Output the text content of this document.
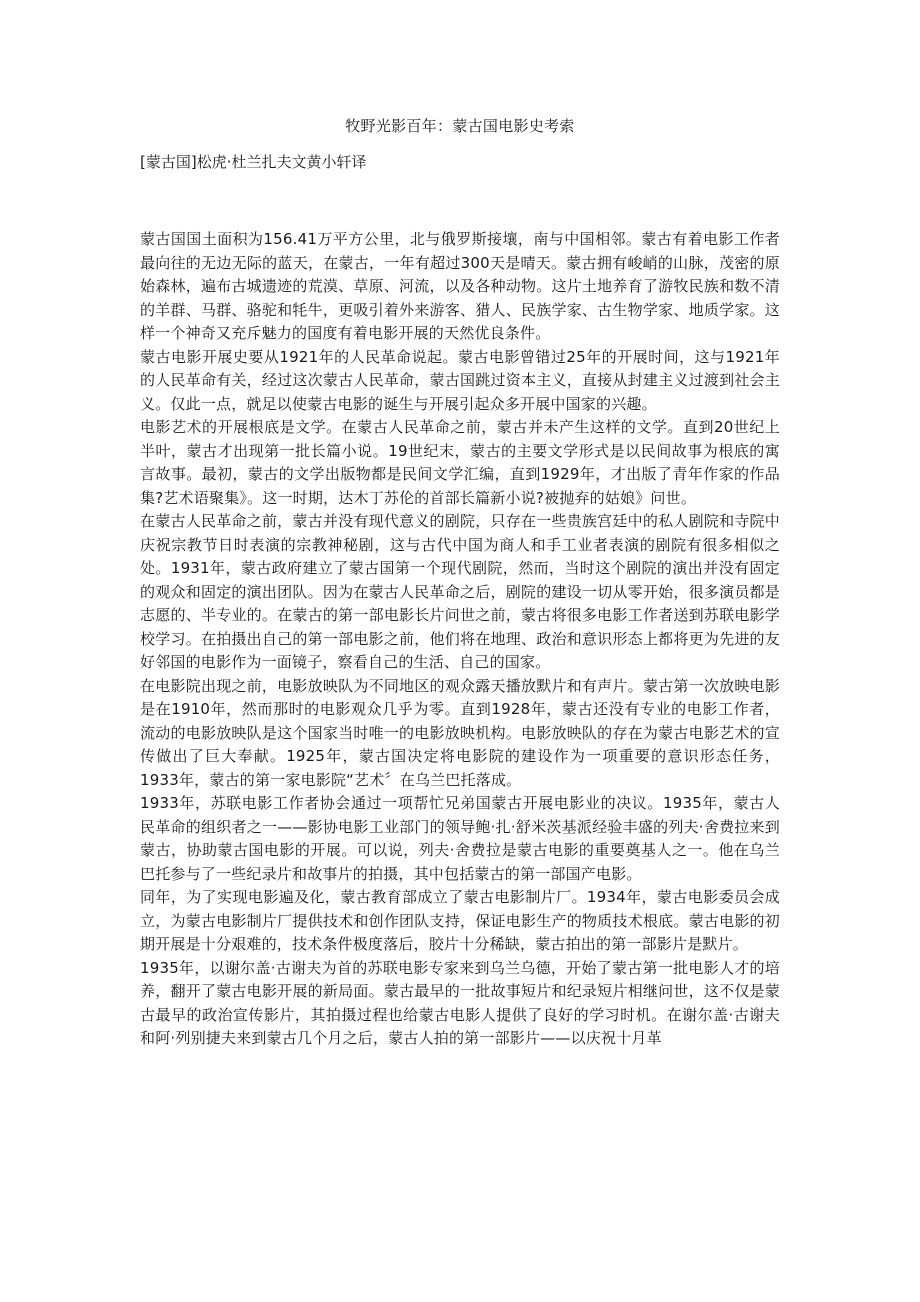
牧野光影百年：蒙古国电影史考索
[蒙古国]松虎·杜兰扎夫文黄小轩译

蒙古国国土面积为156.41万平方公里，北与俄罗斯接壤，南与中国相邻。蒙古有着电影工作者最向往的无边无际的蓝天，在蒙古，一年有超过300天是晴天。蒙古拥有峻峭的山脉，茂密的原始森林，遍布古城遗迹的荒漠、草原、河流，以及各种动物。这片土地养育了游牧民族和数不清的羊群、马群、骆驼和牦牛，更吸引着外来游客、猎人、民族学家、古生物学家、地质学家。这样一个神奇又充斥魅力的国度有着电影开展的天然优良条件。

蒙古电影开展史要从1921年的人民革命说起。蒙古电影曾错过25年的开展时间，这与1921年的人民革命有关，经过这次蒙古人民革命，蒙古国跳过资本主义，直接从封建主义过渡到社会主义。仅此一点，就足以使蒙古电影的诞生与开展引起众多开展中国家的兴趣。

电影艺术的开展根底是文学。在蒙古人民革命之前，蒙古并未产生这样的文学。直到20世纪上半叶，蒙古才出现第一批长篇小说。19世纪末，蒙古的主要文学形式是以民间故事为根底的寓言故事。最初，蒙古的文学出版物都是民间文学汇编，直到1929年，才出版了青年作家的作品集?艺术语聚集》。这一时期，达木丁苏伦的首部长篇新小说?被抛弃的姑娘》问世。

在蒙古人民革命之前，蒙古并没有现代意义的剧院，只存在一些贵族宫廷中的私人剧院和寺院中庆祝宗教节日时表演的宗教神秘剧，这与古代中国为商人和手工业者表演的剧院有很多相似之处。1931年，蒙古政府建立了蒙古国第一个现代剧院，然而，当时这个剧院的演出并没有固定的观众和固定的演出团队。因为在蒙古人民革命之后，剧院的建设一切从零开始，很多演员都是志愿的、半专业的。在蒙古的第一部电影长片问世之前，蒙古将很多电影工作者送到苏联电影学校学习。在拍摄出自己的第一部电影之前，他们将在地理、政治和意识形态上都将更为先进的友好邻国的电影作为一面镜子，察看自己的生活、自己的国家。

在电影院出现之前，电影放映队为不同地区的观众露天播放默片和有声片。蒙古第一次放映电影是在1910年，然而那时的电影观众几乎为零。直到1928年，蒙古还没有专业的电影工作者，流动的电影放映队是这个国家当时唯一的电影放映机构。电影放映队的存在为蒙古电影艺术的宣传做出了巨大奉献。1925年，蒙古国决定将电影院的建设作为一项重要的意识形态任务，1933年，蒙古的第一家电影院“艺术〞在乌兰巴托落成。

1933年，苏联电影工作者协会通过一项帮忙兄弟国蒙古开展电影业的决议。1935年，蒙古人民革命的组织者之一——影协电影工业部门的领导鲍·扎·舒米茨基派经验丰盛的列夫·舍费拉来到蒙古，协助蒙古国电影的开展。可以说，列夫·舍费拉是蒙古电影的重要奠基人之一。他在乌兰巴托参与了一些纪录片和故事片的拍摄，其中包括蒙古的第一部国产电影。

同年，为了实现电影遍及化，蒙古教育部成立了蒙古电影制片厂。1934年，蒙古电影委员会成立，为蒙古电影制片厂提供技术和创作团队支持，保证电影生产的物质技术根底。蒙古电影的初期开展是十分艰难的，技术条件极度落后，胶片十分稀缺，蒙古拍出的第一部影片是默片。

1935年，以谢尔盖·古谢夫为首的苏联电影专家来到乌兰乌德，开始了蒙古第一批电影人才的培养，翻开了蒙古电影开展的新局面。蒙古最早的一批故事短片和纪录短片相继问世，这不仅是蒙古最早的政治宣传影片，其拍摄过程也给蒙古电影人提供了良好的学习时机。在谢尔盖·古谢夫和阿·列别捷夫来到蒙古几个月之后，蒙古人拍的第一部影片——以庆祝十月革
